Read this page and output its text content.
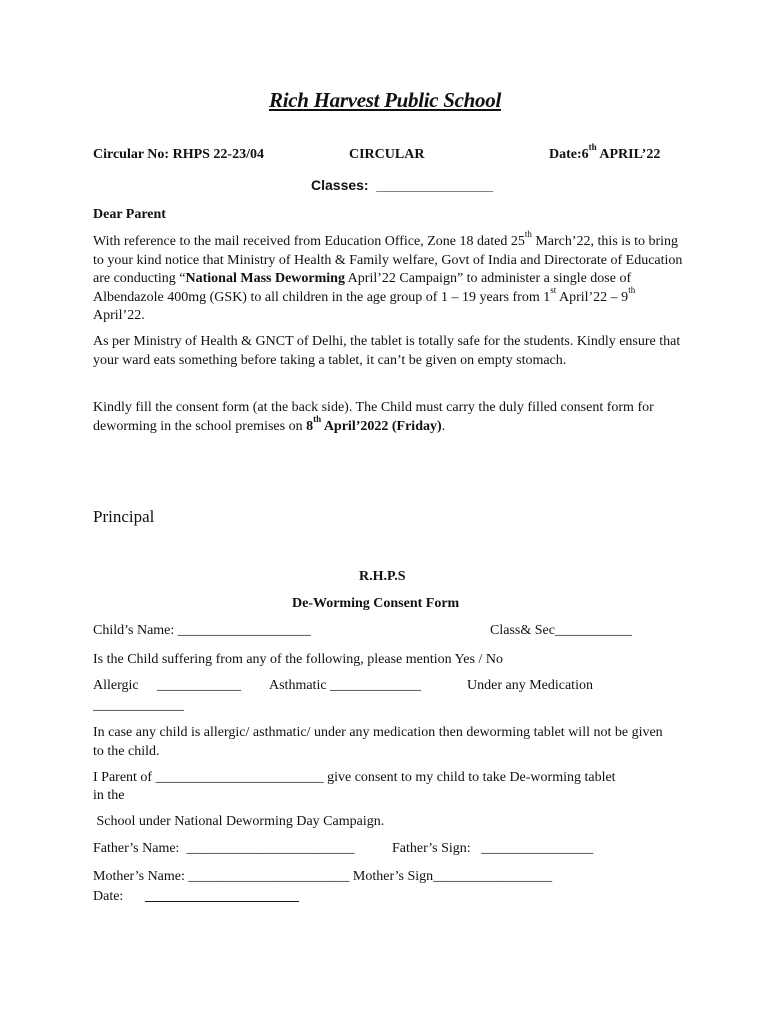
Rich Harvest Public School
Circular No: RHPS 22-23/04	CIRCULAR	Date:6th APRIL’22
Classes: _______________
Dear Parent
With reference to the mail received from Education Office, Zone 18 dated 25th March’22, this is to bring to your kind notice that Ministry of Health & Family welfare, Govt of India and Directorate of Education are conducting “National Mass Deworming April’22 Campaign” to administer a single dose of Albendazole 400mg (GSK) to all children in the age group of 1 – 19 years from 1st April’22 – 9th April’22.
As per Ministry of Health & GNCT of Delhi, the tablet is totally safe for the students. Kindly ensure that your ward eats something before taking a tablet, it can’t be given on empty stomach.
Kindly fill the consent form (at the back side). The Child must carry the duly filled consent form for deworming in the school premises on 8th April’2022 (Friday).
Principal
R.H.P.S
De-Worming Consent Form
Child’s Name: ___________________	Class& Sec___________
Is the Child suffering from any of the following, please mention Yes / No
Allergic ____________ Asthmatic _____________	Under any Medication
_____________
In case any child is allergic/ asthmatic/ under any medication then deworming tablet will not be given to the child.
I Parent of ________________________ give consent to my child to take De-worming tablet
in the
School under National Deworming Day Campaign.
Father’s Name:  ________________________	Father’s Sign:   ________________
Mother’s Name: _______________________ Mother’s Sign_________________
Date: ______________________
